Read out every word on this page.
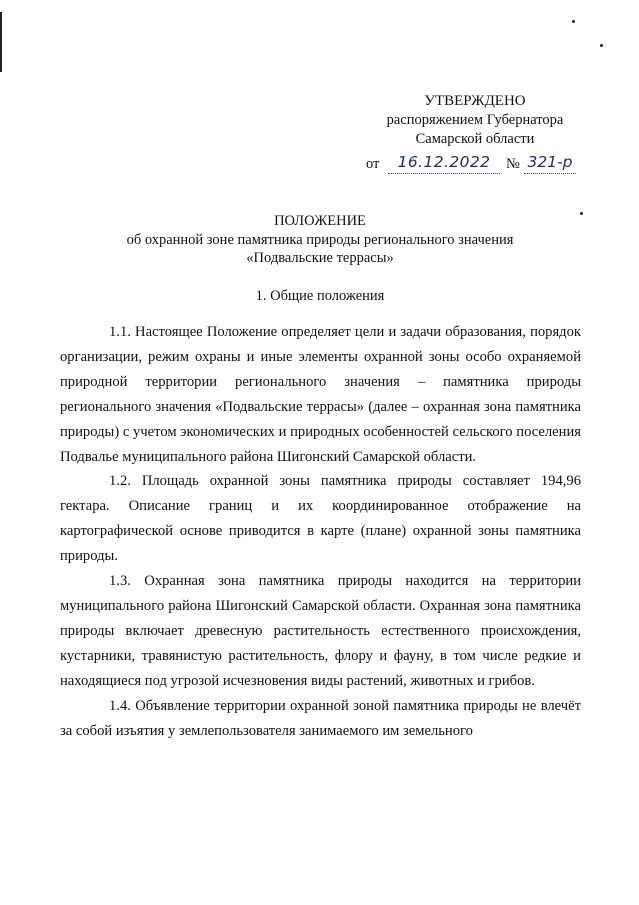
УТВЕРЖДЕНО
распоряжением Губернатора
Самарской области
от	16.12.2022	№ 321-р
ПОЛОЖЕНИЕ
об охранной зоне памятника природы регионального значения
«Подвальские террасы»
1. Общие положения

1.1. Настоящее Положение определяет цели и задачи образования, порядок организации, режим охраны и иные элементы охранной зоны особо охраняемой природной территории регионального значения – памятника природы регионального значения «Подвальские террасы» (далее – охранная зона памятника природы) с учетом экономических и природных особенностей сельского поселения Подвалье муниципального района Шигонский Самарской области.

1.2. Площадь охранной зоны памятника природы составляет 194,96 гектара. Описание границ и их координированное отображение на картографической основе приводится в карте (плане) охранной зоны памятника природы.

1.3. Охранная зона памятника природы находится на территории муниципального района Шигонский Самарской области. Охранная зона памятника природы включает древесную растительность естественного происхождения, кустарники, травянистую растительность, флору и фауну, в том числе редкие и находящиеся под угрозой исчезновения виды растений, животных и грибов.

1.4. Объявление территории охранной зоной памятника природы не влечёт за собой изъятия у землепользователя занимаемого им земельного
